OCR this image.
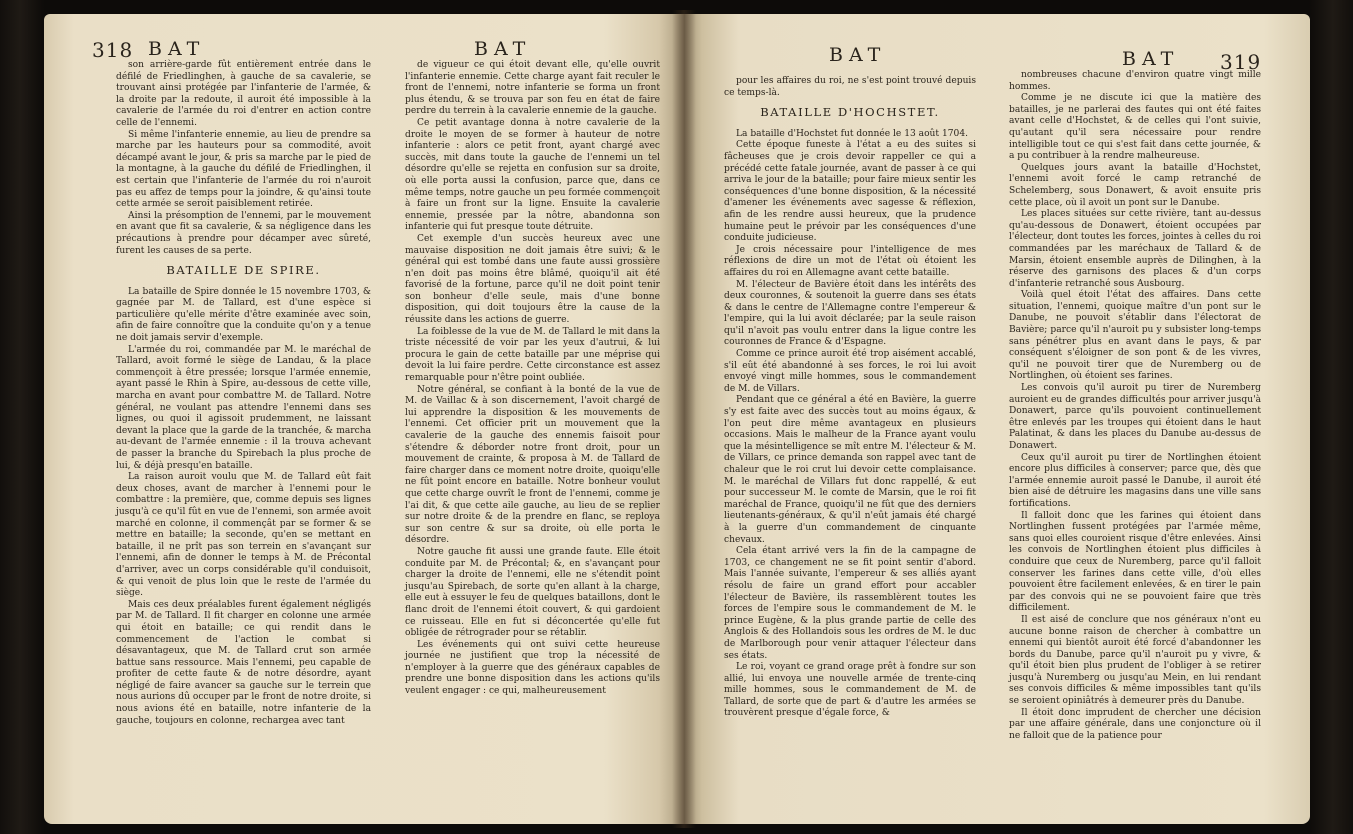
318 BAT	BAT

son arrière-garde fût entièrement entrée dans le défilé de Friedlinghen, à gauche de sa cavalerie, se trouvant ainsi protégée par l'infanterie de l'armée, & la droite par la redoute, il auroit été impossible à la cavalerie de l'armée du roi d'entrer en action contre celle de l'ennemi.

Si même l'infanterie ennemie, au lieu de prendre sa marche par les hauteurs pour sa commodité, avoit décampé avant le jour, & pris sa marche par le pied de la montagne, à la gauche du défilé de Friedlinghen, il est certain que l'infanterie de l'armée du roi n'auroit pas eu affez de temps pour la joindre, & qu'ainsi toute cette armée se seroit paisiblement retirée.

Ainsi la présomption de l'ennemi, par le mouvement en avant que fit sa cavalerie, & sa négligence dans les précautions à prendre pour décamper avec sûreté, furent les causes de sa perte.

BATAILLE DE SPIRE.

La bataille de Spire donnée le 15 novembre 1703, & gagnée par M. de Tallard, est d'une espèce si particulière qu'elle mérite d'être examinée avec soin, afin de faire connoître que la conduite qu'on y a tenue ne doit jamais servir d'exemple.

L'armée du roi, commandée par M. le maréchal de Tallard, avoit formé le siège de Landau, & la place commençoit à être pressée; lorsque l'armée ennemie, ayant passé le Rhin à Spire, au-dessous de cette ville, marcha en avant pour combattre M. de Tallard. Notre général, ne voulant pas attendre l'ennemi dans ses lignes, ou quoi il agissoit prudemment, ne laissant devant la place que la garde de la tranchée, & marcha au-devant de l'armée ennemie : il la trouva achevant de passer la branche du Spirebach la plus proche de lui, & déjà presqu'en bataille.

La raison auroit voulu que M. de Tallard eût fait deux choses, avant de marcher à l'ennemi pour le combattre : la première, que, comme depuis ses lignes jusqu'à ce qu'il fût en vue de l'ennemi, son armée avoit marché en colonne, il commençât par se former & se mettre en bataille; la seconde, qu'en se mettant en bataille, il ne prît pas son terrein en s'avançant sur l'ennemi, afin de donner le temps à M. de Précontal d'arriver, avec un corps considérable qu'il conduisoit, & qui venoit de plus loin que le reste de l'armée du siège.

Mais ces deux préalables furent également négligés par M. de Tallard. Il fit charger en colonne une armée qui étoit en bataille; ce qui rendit dans le commencement de l'action le combat si désavantageux, que M. de Tallard crut son armée battue sans ressource. Mais l'ennemi, peu capable de profiter de cette faute & de notre désordre, ayant négligé de faire avancer sa gauche sur le terrein que nous aurions dû occuper par le front de notre droite, si nous avions été en bataille, notre infanterie de la gauche, toujours en colonne, rechargea avec tant

de vigueur ce qui étoit devant elle, qu'elle ouvrit l'infanterie ennemie. Cette charge ayant fait reculer le front de l'ennemi, notre infanterie se forma un front plus étendu, & se trouva par son feu en état de faire perdre du terrein à la cavalerie ennemie de la gauche.

Ce petit avantage donna à notre cavalerie de la droite le moyen de se former à hauteur de notre infanterie : alors ce petit front, ayant chargé avec succès, mit dans toute la gauche de l'ennemi un tel désordre qu'elle se rejetta en confusion sur sa droite, où elle porta aussi la confusion, parce que, dans ce même temps, notre gauche un peu formée commençoit à faire un front sur la ligne. Ensuite la cavalerie ennemie, pressée par la nôtre, abandonna son infanterie qui fut presque toute détruite.

Cet exemple d'un succès heureux avec une mauvaise disposition ne doit jamais être suivi; & le général qui est tombé dans une faute aussi grossière n'en doit pas moins être blâmé, quoiqu'il ait été favorisé de la fortune, parce qu'il ne doit point tenir son bonheur d'elle seule, mais d'une bonne disposition, qui doit toujours être la cause de la réussite dans les actions de guerre.

La foiblesse de la vue de M. de Tallard le mit dans la triste nécessité de voir par les yeux d'autrui, & lui procura le gain de cette bataille par une méprise qui devoit la lui faire perdre. Cette circonstance est assez remarquable pour n'être point oubliée.

Notre général, se confiant à la bonté de la vue de M. de Vaillac & à son discernement, l'avoit chargé de lui apprendre la disposition & les mouvements de l'ennemi. Cet officier prit un mouvement que la cavalerie de la gauche des ennemis faisoit pour s'étendre & déborder notre front droit, pour un mouvement de crainte, & proposa à M. de Tallard de faire charger dans ce moment notre droite, quoiqu'elle ne fût point encore en bataille. Notre bonheur voulut que cette charge ouvrît le front de l'ennemi, comme je l'ai dit, & que cette aile gauche, au lieu de se replier sur notre droite & de la prendre en flanc, se reploya sur son centre & sur sa droite, où elle porta le désordre.

Notre gauche fit aussi une grande faute. Elle étoit conduite par M. de Précontal; &, en s'avançant pour charger la droite de l'ennemi, elle ne s'étendit point jusqu'au Spirebach, de sorte qu'en allant à la charge, elle eut à essuyer le feu de quelques bataillons, dont le flanc droit de l'ennemi étoit couvert, & qui gardoient ce ruisseau. Elle en fut si déconcertée qu'elle fut obligée de rétrograder pour se rétablir.

Les événements qui ont suivi cette heureuse journée ne justifient que trop la nécessité de n'employer à la guerre que des généraux capables de prendre une bonne disposition dans les actions qu'ils veulent engager : ce qui, malheureusement

BAT	BAT 319

pour les affaires du roi, ne s'est point trouvé depuis ce temps-là.

BATAILLE D'HOCHSTET.

La bataille d'Hochstet fut donnée le 13 août 1704.

Cette époque funeste à l'état a eu des suites si fâcheuses que je crois devoir rappeller ce qui a précédé cette fatale journée, avant de passer à ce qui arriva le jour de la bataille; pour faire mieux sentir les conséquences d'une bonne disposition, & la nécessité d'amener les événements avec sagesse & réflexion, afin de les rendre aussi heureux, que la prudence humaine peut le prévoir par les conséquences d'une conduite judicieuse.

Je crois nécessaire pour l'intelligence de mes réflexions de dire un mot de l'état où étoient les affaires du roi en Allemagne avant cette bataille.

M. l'électeur de Bavière étoit dans les intérêts des deux couronnes, & soutenoit la guerre dans ses états & dans le centre de l'Allemagne contre l'empereur & l'empire, qui la lui avoit déclarée; par la seule raison qu'il n'avoit pas voulu entrer dans la ligue contre les couronnes de France & d'Espagne.

Comme ce prince auroit été trop aisément accablé, s'il eût été abandonné à ses forces, le roi lui avoit envoyé vingt mille hommes, sous le commandement de M. de Villars.

Pendant que ce général a été en Bavière, la guerre s'y est faite avec des succès tout au moins égaux, & l'on peut dire même avantageux en plusieurs occasions. Mais le malheur de la France ayant voulu que la mésintelligence se mît entre M. l'électeur & M. de Villars, ce prince demanda son rappel avec tant de chaleur que le roi crut lui devoir cette complaisance. M. le maréchal de Villars fut donc rappellé, & eut pour successeur M. le comte de Marsin, que le roi fit maréchal de France, quoiqu'il ne fût que des derniers lieutenants-généraux, & qu'il n'eût jamais été chargé à la guerre d'un commandement de cinquante chevaux.

Cela étant arrivé vers la fin de la campagne de 1703, ce changement ne se fit point sentir d'abord. Mais l'année suivante, l'empereur & ses alliés ayant résolu de faire un grand effort pour accabler l'électeur de Bavière, ils rassemblèrent toutes les forces de l'empire sous le commandement de M. le prince Eugène, & la plus grande partie de celle des Anglois & des Hollandois sous les ordres de M. le duc de Marlborough pour venir attaquer l'électeur dans ses états.

Le roi, voyant ce grand orage prêt à fondre sur son allié, lui envoya une nouvelle armée de trente-cinq mille hommes, sous le commandement de M. de Tallard, de sorte que de part & d'autre les armées se trouvèrent presque d'égale force, &

nombreuses chacune d'environ quatre vingt mille hommes.

Comme je ne discute ici que la matière des batailles, je ne parlerai des fautes qui ont été faites avant celle d'Hochstet, & de celles qui l'ont suivie, qu'autant qu'il sera nécessaire pour rendre intelligible tout ce qui s'est fait dans cette journée, & a pu contribuer à la rendre malheureuse.

Quelques jours avant la bataille d'Hochstet, l'ennemi avoit forcé le camp retranché de Schelemberg, sous Donawert, & avoit ensuite pris cette place, où il avoit un pont sur le Danube.

Les places situées sur cette rivière, tant au-dessus qu'au-dessous de Donawert, étoient occupées par l'électeur, dont toutes les forces, jointes à celles du roi commandées par les maréchaux de Tallard & de Marsin, étoient ensemble auprès de Dilinghen, à la réserve des garnisons des places & d'un corps d'infanterie retranché sous Ausbourg.

Voilà quel étoit l'état des affaires. Dans cette situation, l'ennemi, quoique maître d'un pont sur le Danube, ne pouvoit s'établir dans l'électorat de Bavière; parce qu'il n'auroit pu y subsister long-temps sans pénétrer plus en avant dans le pays, & par conséquent s'éloigner de son pont & de les vivres, qu'il ne pouvoit tirer que de Nuremberg ou de Nortlinghen, où étoient ses farines.

Les convois qu'il auroit pu tirer de Nuremberg auroient eu de grandes difficultés pour arriver jusqu'à Donawert, parce qu'ils pouvoient continuellement être enlevés par les troupes qui étoient dans le haut Palatinat, & dans les places du Danube au-dessus de Donawert.

Ceux qu'il auroit pu tirer de Nortlinghen étoient encore plus difficiles à conserver; parce que, dès que l'armée ennemie auroit passé le Danube, il auroit été bien aisé de détruire les magasins dans une ville sans fortifications.

Il falloit donc que les farines qui étoient dans Nortlinghen fussent protégées par l'armée même, sans quoi elles couroient risque d'être enlevées. Ainsi les convois de Nortlinghen étoient plus difficiles à conduire que ceux de Nuremberg, parce qu'il falloit conserver les farines dans cette ville, d'où elles pouvoient être facilement enlevées, & en tirer le pain par des convois qui ne se pouvoient faire que très difficilement.

Il est aisé de conclure que nos généraux n'ont eu aucune bonne raison de chercher à combattre un ennemi qui bientôt auroit été forcé d'abandonner les bords du Danube, parce qu'il n'auroit pu y vivre, & qu'il étoit bien plus prudent de l'obliger à se retirer jusqu'à Nuremberg ou jusqu'au Mein, en lui rendant ses convois difficiles & même impossibles tant qu'ils se seroient opiniâtrés à demeurer près du Danube.

Il étoit donc imprudent de chercher une décision par une affaire générale, dans une conjoncture où il ne falloit que de la patience pour
